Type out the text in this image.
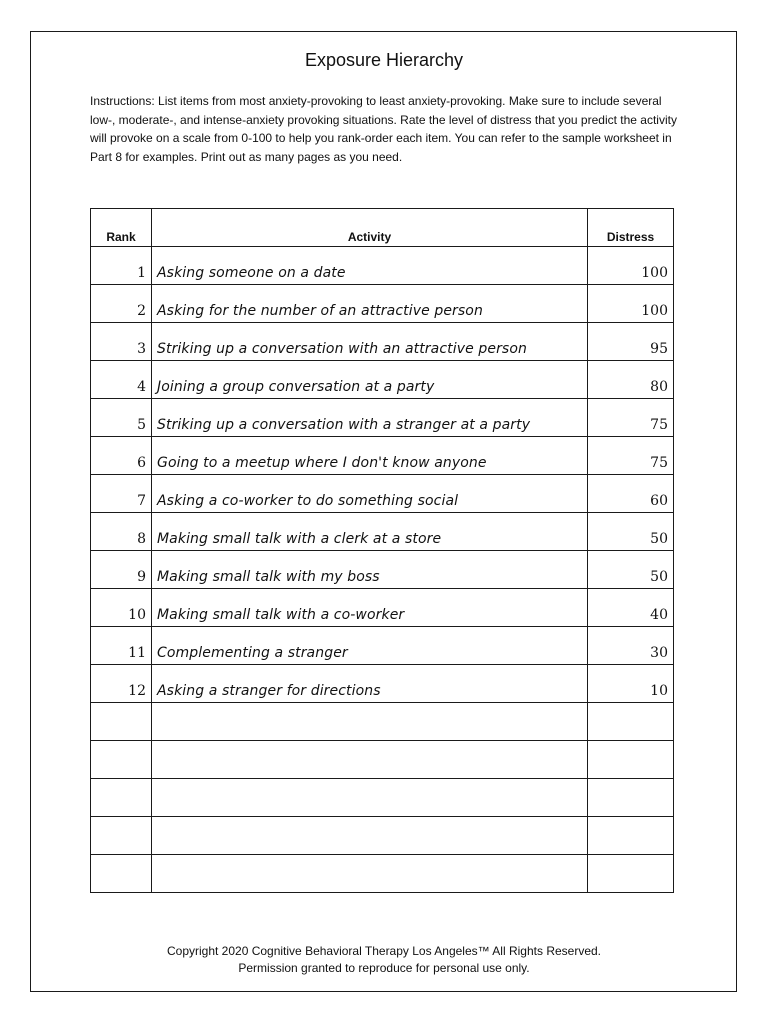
Exposure Hierarchy

Instructions: List items from most anxiety-provoking to least anxiety-provoking. Make sure to include several low-, moderate-, and intense-anxiety provoking situations. Rate the level of distress that you predict the activity will provoke on a scale from 0-100 to help you rank-order each item. You can refer to the sample worksheet in Part 8 for examples. Print out as many pages as you need.

Rank	Activity	Distress
1	Asking someone on a date	100
2	Asking for the number of an attractive person	100
3	Striking up a conversation with an attractive person	95
4	Joining a group conversation at a party	80
5	Striking up a conversation with a stranger at a party	75
6	Going to a meetup where I don't know anyone	75
7	Asking a co-worker to do something social	60
8	Making small talk with a clerk at a store	50
9	Making small talk with my boss	50
10	Making small talk with a co-worker	40
11	Complementing a stranger	30
12	Asking a stranger for directions	10

Copyright 2020 Cognitive Behavioral Therapy Los Angeles™ All Rights Reserved.
Permission granted to reproduce for personal use only.
